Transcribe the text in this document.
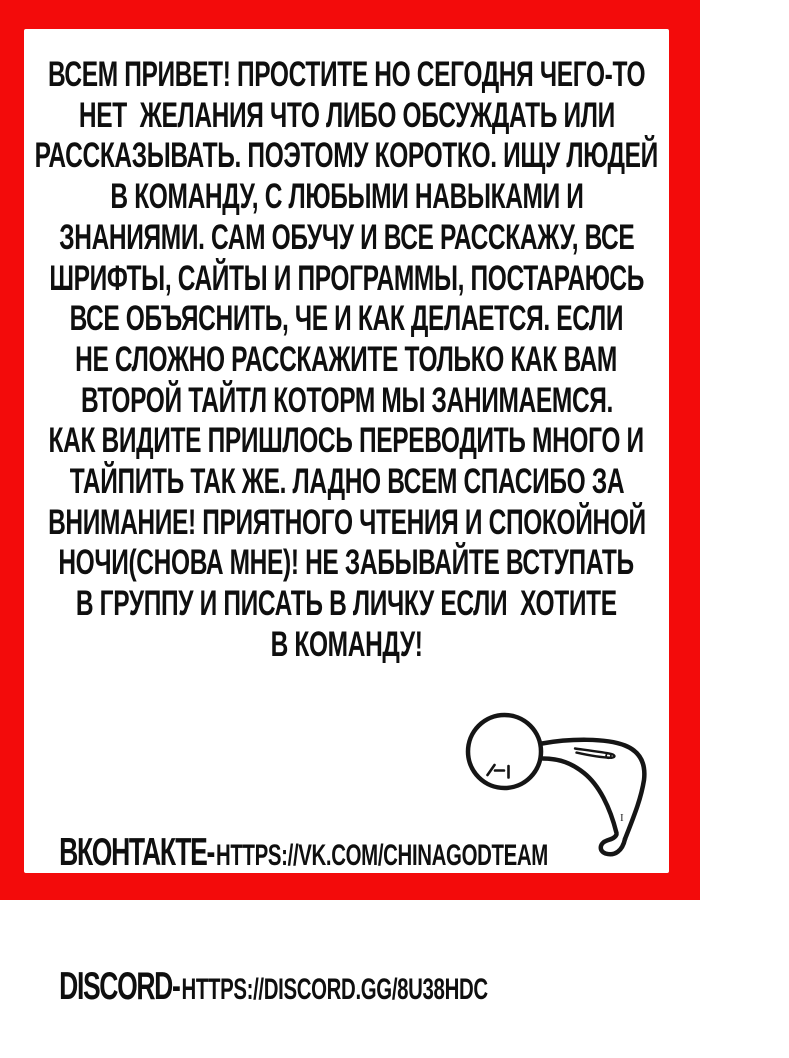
ВСЕМ ПРИВЕТ! ПРОСТИТЕ НО СЕГОДНЯ ЧЕГО-ТО
НЕТ  ЖЕЛАНИЯ ЧТО ЛИБО ОБСУЖДАТЬ ИЛИ
РАССКАЗЫВАТЬ. ПОЭТОМУ КОРОТКО. ИЩУ ЛЮДЕЙ
В КОМАНДУ, С ЛЮБЫМИ НАВЫКАМИ И
ЗНАНИЯМИ. САМ ОБУЧУ И ВСЕ РАССКАЖУ, ВСЕ
ШРИФТЫ, САЙТЫ И ПРОГРАММЫ, ПОСТАРАЮСЬ
ВСЕ ОБЪЯСНИТЬ, ЧЕ И КАК ДЕЛАЕТСЯ. ЕСЛИ
НЕ СЛОЖНО РАССКАЖИТЕ ТОЛЬКО КАК ВАМ
ВТОРОЙ ТАЙТЛ КОТОРМ МЫ ЗАНИМАЕМСЯ.
КАК ВИДИТЕ ПРИШЛОСЬ ПЕРЕВОДИТЬ МНОГО И
ТАЙПИТЬ ТАК ЖЕ. ЛАДНО ВСЕМ СПАСИБО ЗА
ВНИМАНИЕ! ПРИЯТНОГО ЧТЕНИЯ И СПОКОЙНОЙ
НОЧИ(СНОВА МНЕ)! НЕ ЗАБЫВАЙТЕ ВСТУПАТЬ
В ГРУППУ И ПИСАТЬ В ЛИЧКУ ЕСЛИ  ХОТИТЕ
В КОМАНДУ!
I

ВКОНТАКТЕ-HTTPS://VK.COM/CHINAGODTEAM

DISCORD-HTTPS://DISCORD.GG/8U38HDC
